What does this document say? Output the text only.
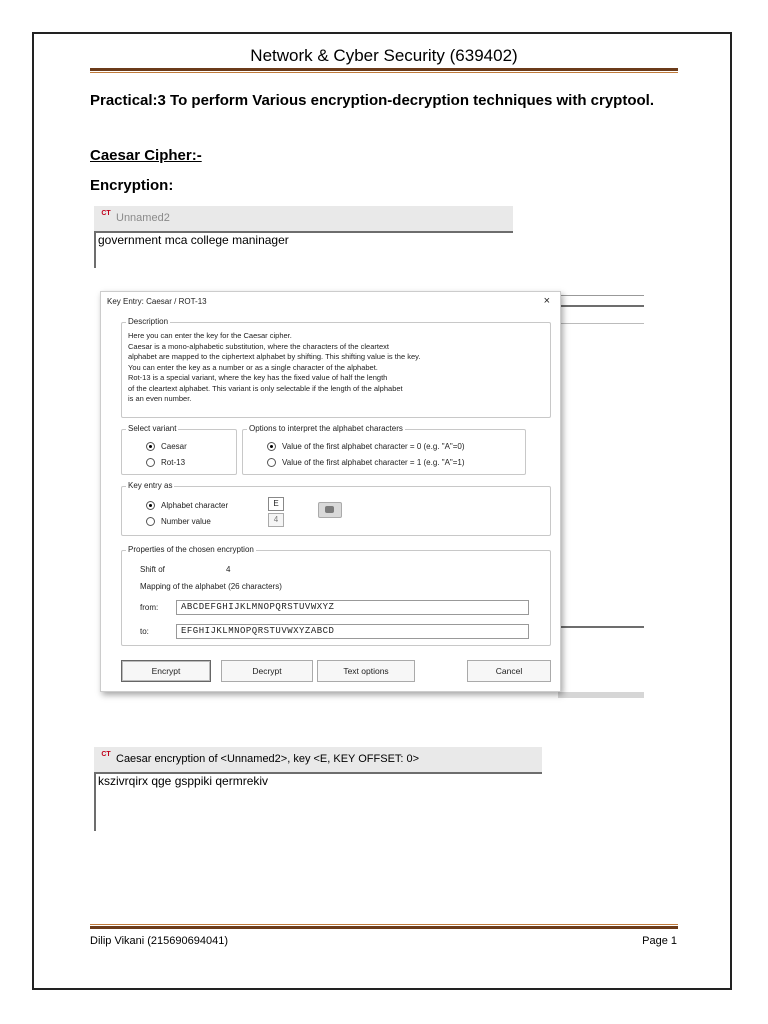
Network & Cyber Security (639402)
Practical:3 To perform Various encryption-decryption techniques with cryptool.
Caesar Cipher:-
Encryption:
CT Unnamed2
government mca college maninager
Key Entry: Caesar / ROT-13	×
Description
Here you can enter the key for the Caesar cipher.
Caesar is a mono-alphabetic substitution, where the characters of the cleartext
alphabet are mapped to the ciphertext alphabet by shifting. This shifting value is the key.
You can enter the key as a number or as a single character of the alphabet.
Rot-13 is a special variant, where the key has the fixed value of half the length
of the cleartext alphabet. This variant is only selectable if the length of the alphabet
is an even number.
Select variant
Caesar
Rot-13
Options to interpret the alphabet characters
Value of the first alphabet character = 0 (e.g. "A"=0)
Value of the first alphabet character = 1 (e.g. "A"=1)
Key entry as
Alphabet character
Number value
E
4
Properties of the chosen encryption
Shift of	4
Mapping of the alphabet (26 characters)
from:	ABCDEFGHIJKLMNOPQRSTUVWXYZ
to:	EFGHIJKLMNOPQRSTUVWXYZABCD
Encrypt	Decrypt	Text options	Cancel
CT Caesar encryption of <Unnamed2>, key <E, KEY OFFSET: 0>
kszivrqirx qge gsppiki qermrekiv
Dilip Vikani (215690694041)	Page 1
